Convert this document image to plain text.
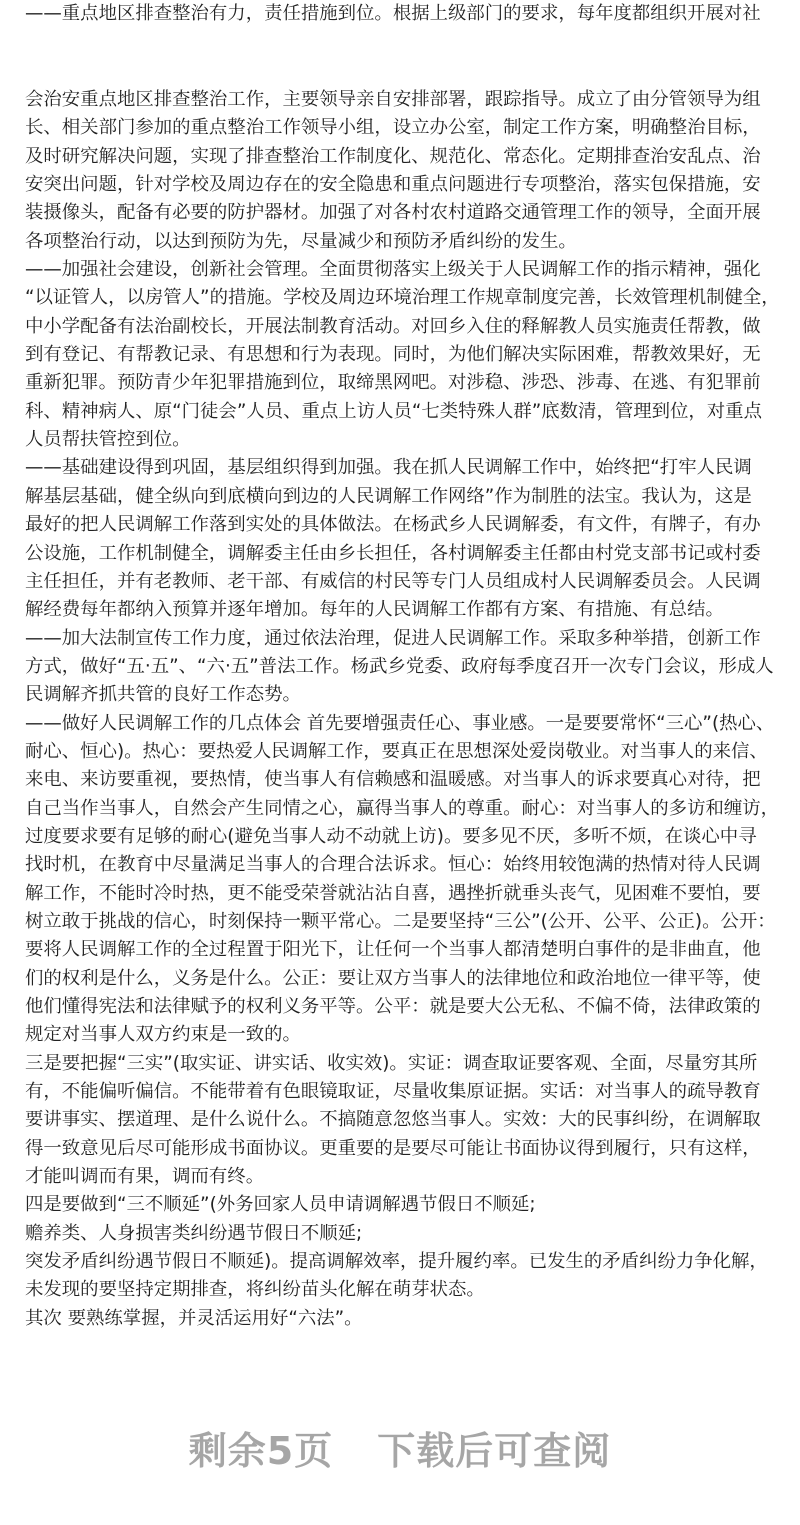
——重点地区排查整治有力，责任措施到位。根据上级部门的要求，每年度都组织开展对社
会治安重点地区排查整治工作，主要领导亲自安排部署，跟踪指导。成立了由分管领导为组
长、相关部门参加的重点整治工作领导小组，设立办公室，制定工作方案，明确整治目标，
及时研究解决问题，实现了排查整治工作制度化、规范化、常态化。定期排查治安乱点、治
安突出问题，针对学校及周边存在的安全隐患和重点问题进行专项整治，落实包保措施，安
装摄像头，配备有必要的防护器材。加强了对各村农村道路交通管理工作的领导，全面开展
各项整治行动，以达到预防为先，尽量减少和预防矛盾纠纷的发生。
——加强社会建设，创新社会管理。全面贯彻落实上级关于人民调解工作的指示精神，强化
“以证管人，以房管人”的措施。学校及周边环境治理工作规章制度完善，长效管理机制健全，
中小学配备有法治副校长，开展法制教育活动。对回乡入住的释解教人员实施责任帮教，做
到有登记、有帮教记录、有思想和行为表现。同时，为他们解决实际困难，帮教效果好，无
重新犯罪。预防青少年犯罪措施到位，取缔黑网吧。对涉稳、涉恐、涉毒、在逃、有犯罪前
科、精神病人、原“门徒会”人员、重点上访人员“七类特殊人群”底数清，管理到位，对重点
人员帮扶管控到位。
——基础建设得到巩固，基层组织得到加强。我在抓人民调解工作中，始终把“打牢人民调
解基层基础，健全纵向到底横向到边的人民调解工作网络”作为制胜的法宝。我认为，这是
最好的把人民调解工作落到实处的具体做法。在杨武乡人民调解委，有文件，有牌子，有办
公设施，工作机制健全，调解委主任由乡长担任，各村调解委主任都由村党支部书记或村委
主任担任，并有老教师、老干部、有威信的村民等专门人员组成村人民调解委员会。人民调
解经费每年都纳入预算并逐年增加。每年的人民调解工作都有方案、有措施、有总结。
——加大法制宣传工作力度，通过依法治理，促进人民调解工作。采取多种举措，创新工作
方式，做好“五·五”、“六·五”普法工作。杨武乡党委、政府每季度召开一次专门会议，形成人
民调解齐抓共管的良好工作态势。
——做好人民调解工作的几点体会 首先要增强责任心、事业感。一是要要常怀“三心”(热心、
耐心、恒心)。热心：要热爱人民调解工作，要真正在思想深处爱岗敬业。对当事人的来信、
来电、来访要重视，要热情，使当事人有信赖感和温暖感。对当事人的诉求要真心对待，把
自己当作当事人，自然会产生同情之心，赢得当事人的尊重。耐心：对当事人的多访和缠访，
过度要求要有足够的耐心(避免当事人动不动就上访)。要多见不厌，多听不烦，在谈心中寻
找时机，在教育中尽量满足当事人的合理合法诉求。恒心：始终用较饱满的热情对待人民调
解工作，不能时冷时热，更不能受荣誉就沾沾自喜，遇挫折就垂头丧气，见困难不要怕，要
树立敢于挑战的信心，时刻保持一颗平常心。二是要坚持“三公”(公开、公平、公正)。公开：
要将人民调解工作的全过程置于阳光下，让任何一个当事人都清楚明白事件的是非曲直，他
们的权利是什么，义务是什么。公正：要让双方当事人的法律地位和政治地位一律平等，使
他们懂得宪法和法律赋予的权利义务平等。公平：就是要大公无私、不偏不倚，法律政策的
规定对当事人双方约束是一致的。
三是要把握“三实”(取实证、讲实话、收实效)。实证：调查取证要客观、全面，尽量穷其所
有，不能偏听偏信。不能带着有色眼镜取证，尽量收集原证据。实话：对当事人的疏导教育
要讲事实、摆道理、是什么说什么。不搞随意忽悠当事人。实效：大的民事纠纷，在调解取
得一致意见后尽可能形成书面协议。更重要的是要尽可能让书面协议得到履行，只有这样，
才能叫调而有果，调而有终。
四是要做到“三不顺延”(外务回家人员申请调解遇节假日不顺延;
赡养类、人身损害类纠纷遇节假日不顺延;
突发矛盾纠纷遇节假日不顺延)。提高调解效率，提升履约率。已发生的矛盾纠纷力争化解，
未发现的要坚持定期排查，将纠纷苗头化解在萌芽状态。
其次 要熟练掌握，并灵活运用好“六法”。
剩余5页 下载后可查阅
